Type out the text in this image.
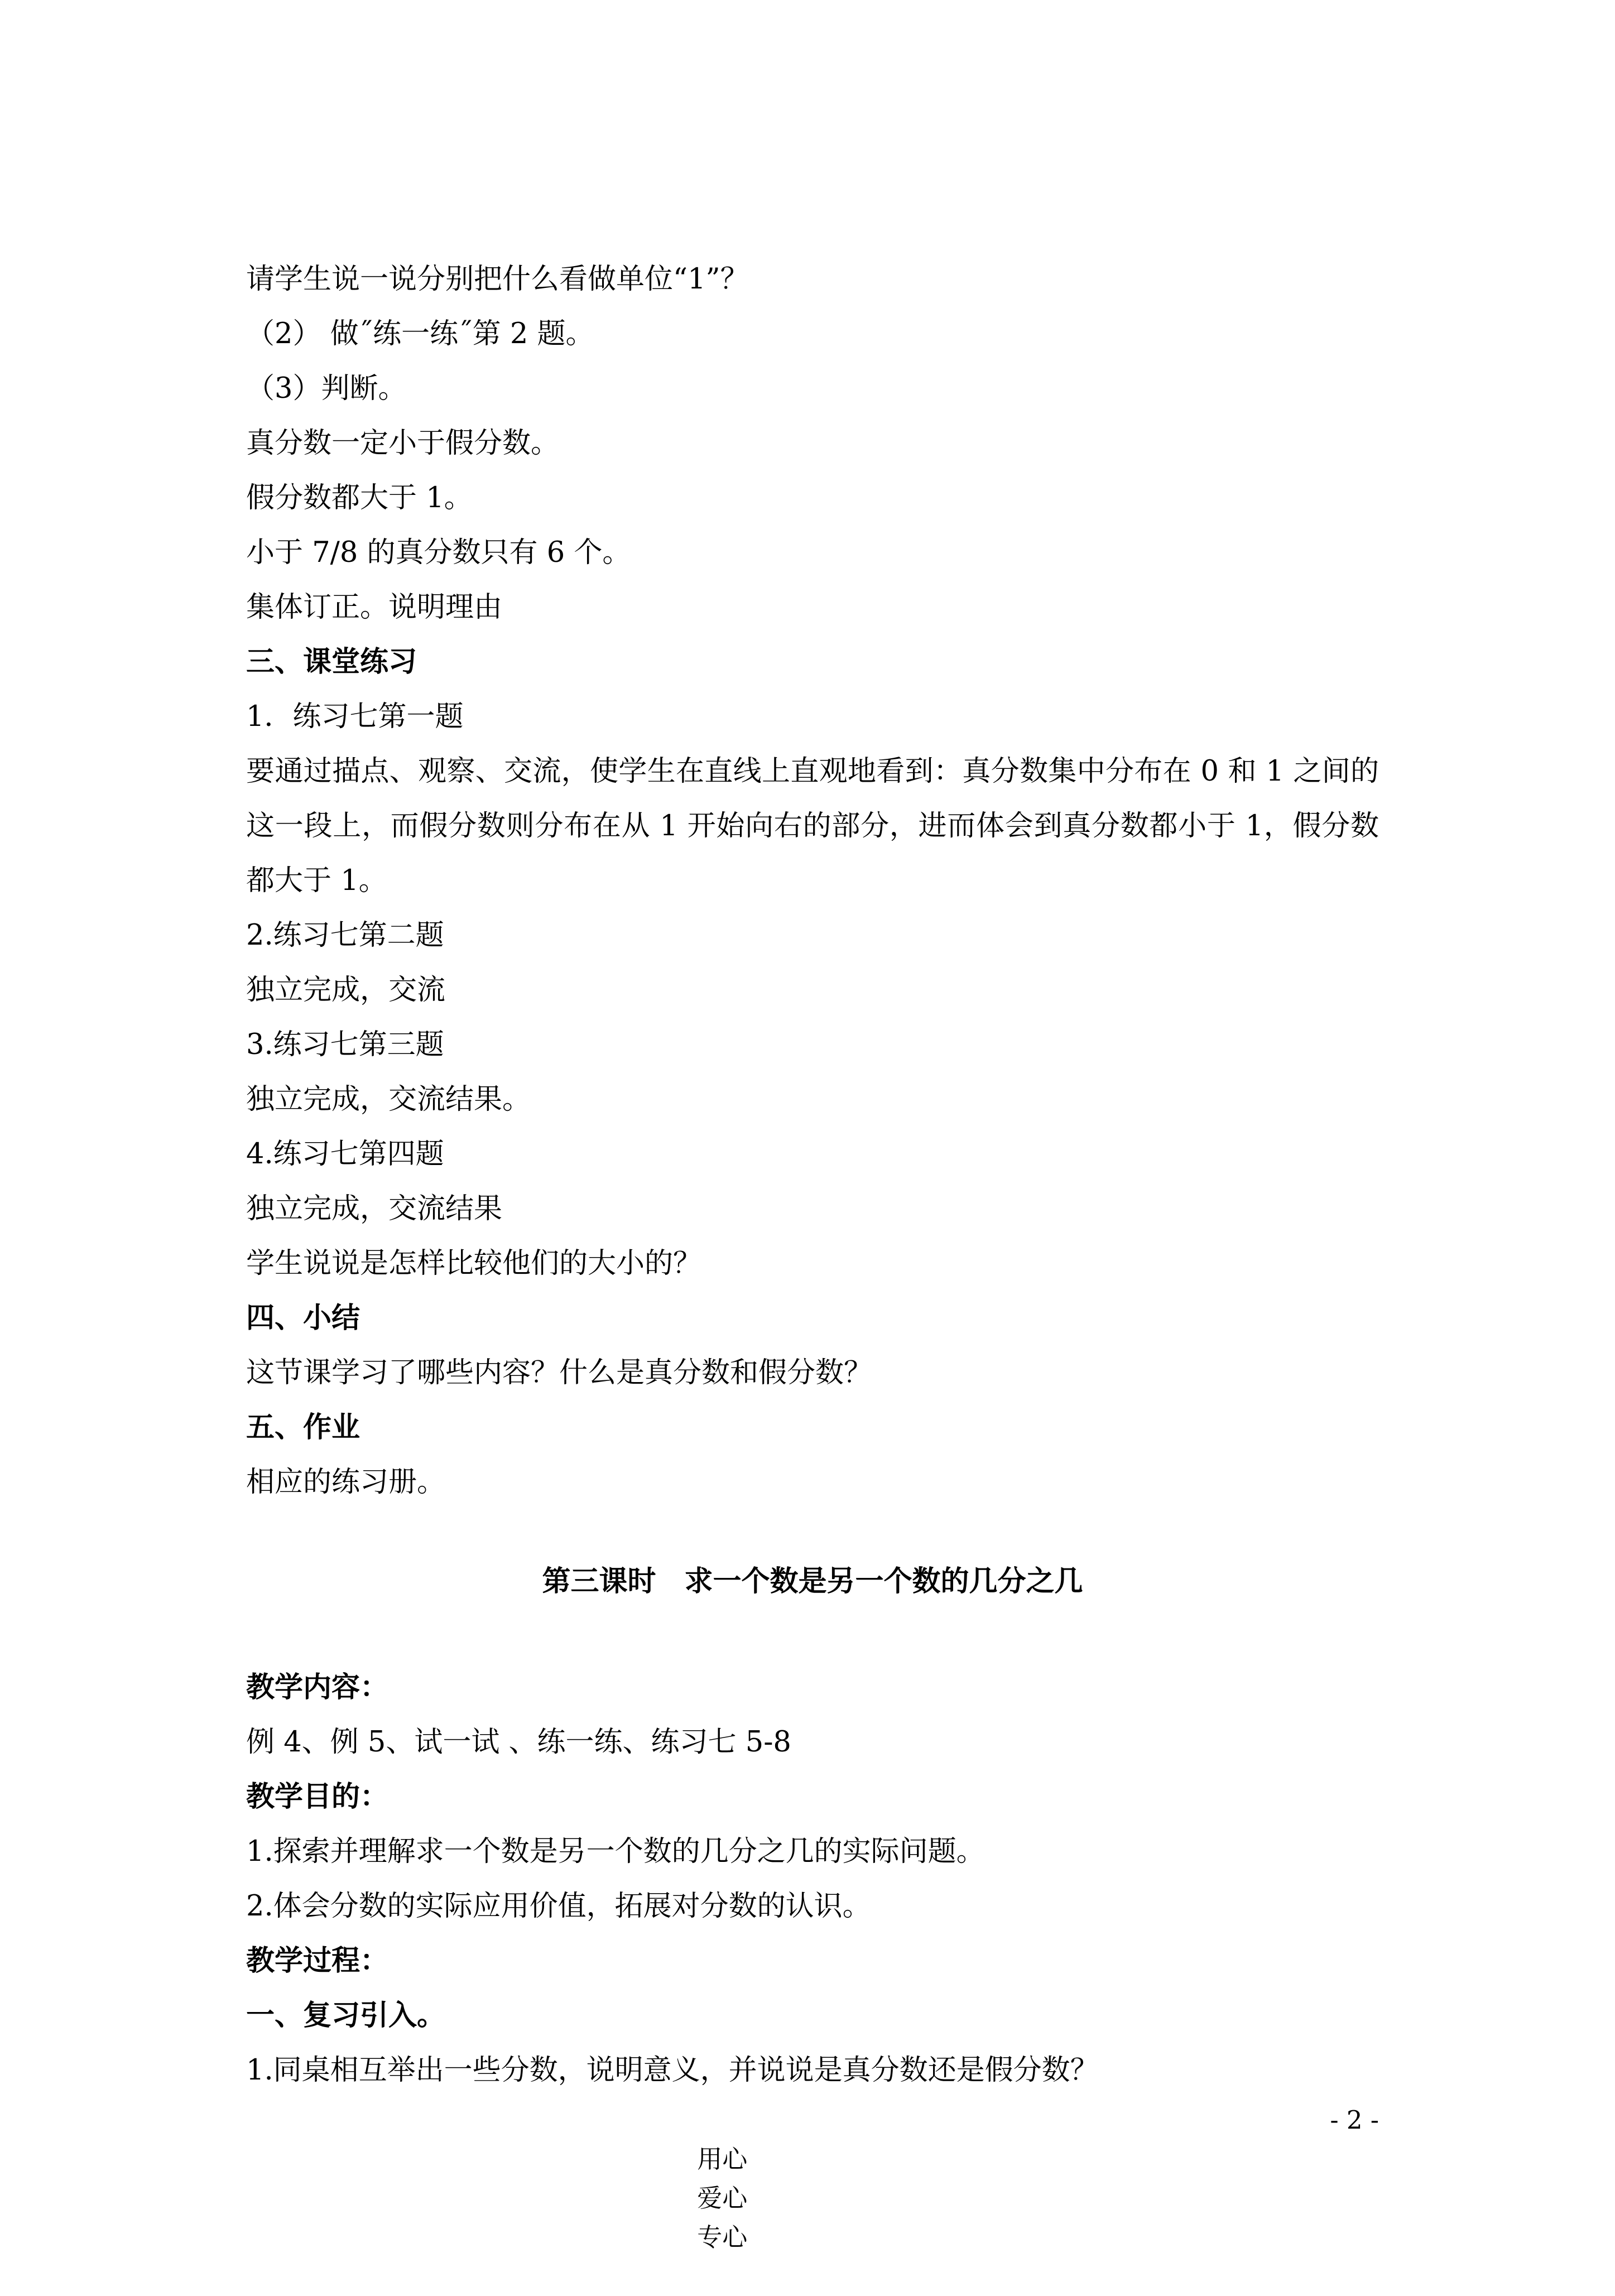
请学生说一说分别把什么看做单位“1”？

（2） 做˝练一练˝第 2 题。

（3）判断。

真分数一定小于假分数。

假分数都大于 1。

小于 7/8 的真分数只有 6 个。

集体订正。说明理由

三、课堂练习

1．练习七第一题

要通过描点、观察、交流，使学生在直线上直观地看到：真分数集中分布在 0 和 1 之间的这一段上，而假分数则分布在从 1 开始向右的部分，进而体会到真分数都小于 1，假分数都大于 1。

2.练习七第二题

独立完成，交流

3.练习七第三题

独立完成，交流结果。

4.练习七第四题

独立完成，交流结果

学生说说是怎样比较他们的大小的？

四、小结

这节课学习了哪些内容？什么是真分数和假分数？

五、作业

相应的练习册。

第三课时　求一个数是另一个数的几分之几

教学内容：

例 4、例 5、试一试 、练一练、练习七 5-8

教学目的：

1.探索并理解求一个数是另一个数的几分之几的实际问题。

2.体会分数的实际应用价值，拓展对分数的认识。

教学过程：

一、复习引入。

1.同桌相互举出一些分数，说明意义，并说说是真分数还是假分数？

用心
爱心
专心

- 2 -
